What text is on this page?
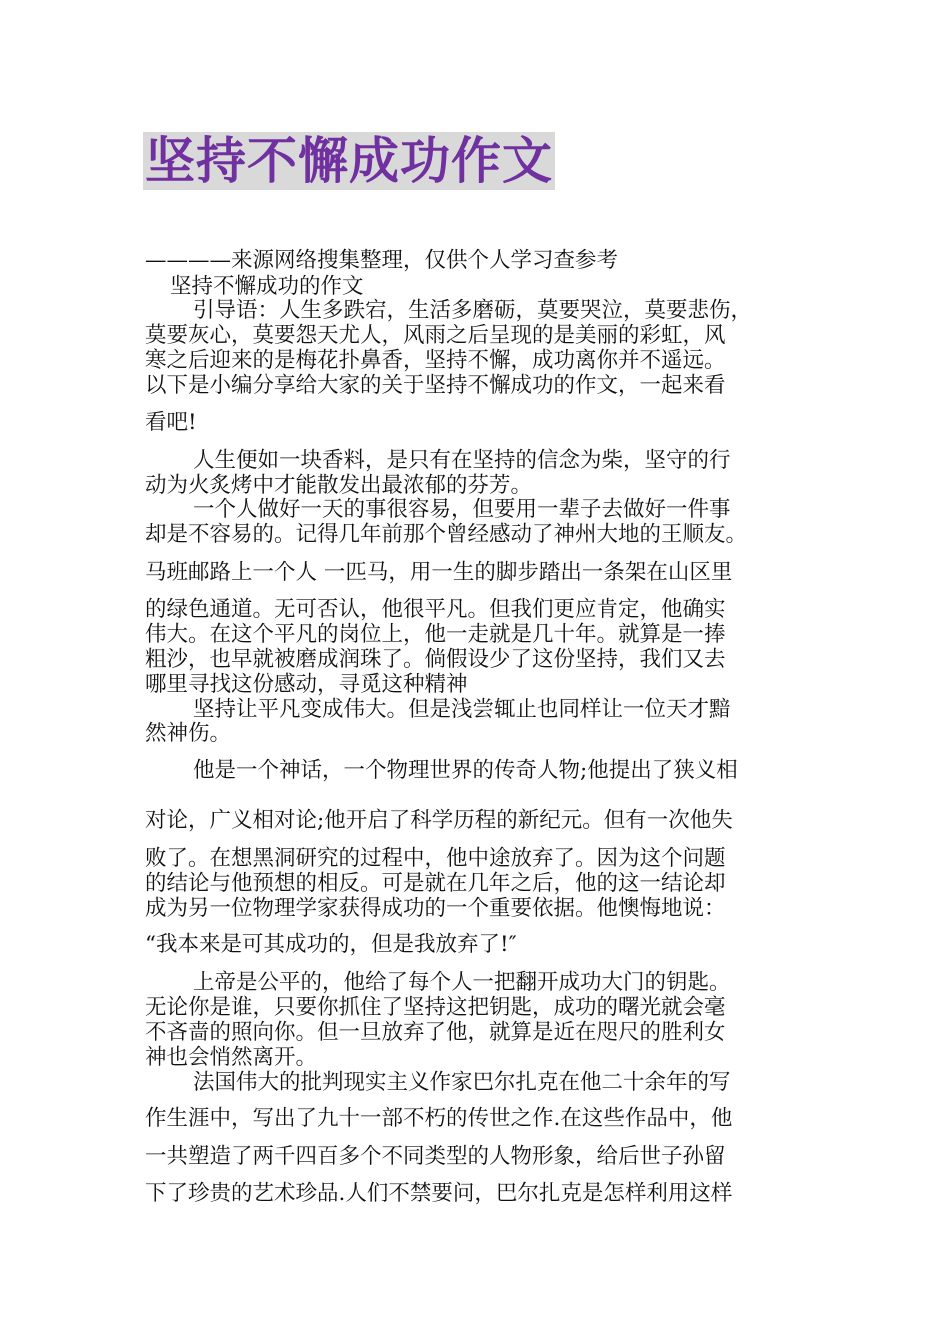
坚持不懈成功作文
————来源网络搜集整理，仅供个人学习查参考
坚持不懈成功的作文
引导语：人生多跌宕，生活多磨砺，莫要哭泣，莫要悲伤，
莫要灰心，莫要怨天尤人，风雨之后呈现的是美丽的彩虹，风
寒之后迎来的是梅花扑鼻香，坚持不懈，成功离你并不遥远。
以下是小编分享给大家的关于坚持不懈成功的作文，一起来看
看吧!
人生便如一块香料，是只有在坚持的信念为柴，坚守的行
动为火炙烤中才能散发出最浓郁的芬芳。
一个人做好一天的事很容易，但要用一辈子去做好一件事
却是不容易的。记得几年前那个曾经感动了神州大地的王顺友。
马班邮路上一个人 一匹马，用一生的脚步踏出一条架在山区里
的绿色通道。无可否认，他很平凡。但我们更应肯定，他确实
伟大。在这个平凡的岗位上，他一走就是几十年。就算是一捧
粗沙，也早就被磨成润珠了。倘假设少了这份坚持，我们又去
哪里寻找这份感动，寻觅这种精神
坚持让平凡变成伟大。但是浅尝辄止也同样让一位天才黯
然神伤。
他是一个神话，一个物理世界的传奇人物;他提出了狭义相
对论，广义相对论;他开启了科学历程的新纪元。但有一次他失
败了。在想黑洞研究的过程中，他中途放弃了。因为这个问题
的结论与他预想的相反。可是就在几年之后，他的这一结论却
成为另一位物理学家获得成功的一个重要依据。他懊悔地说：
“我本来是可其成功的，但是我放弃了!″
上帝是公平的，他给了每个人一把翻开成功大门的钥匙。
无论你是谁，只要你抓住了坚持这把钥匙，成功的曙光就会毫
不吝啬的照向你。但一旦放弃了他，就算是近在咫尺的胜利女
神也会悄然离开。
法国伟大的批判现实主义作家巴尔扎克在他二十余年的写
作生涯中，写出了九十一部不朽的传世之作.在这些作品中，他
一共塑造了两千四百多个不同类型的人物形象，给后世子孙留
下了珍贵的艺术珍品.人们不禁要问，巴尔扎克是怎样利用这样
